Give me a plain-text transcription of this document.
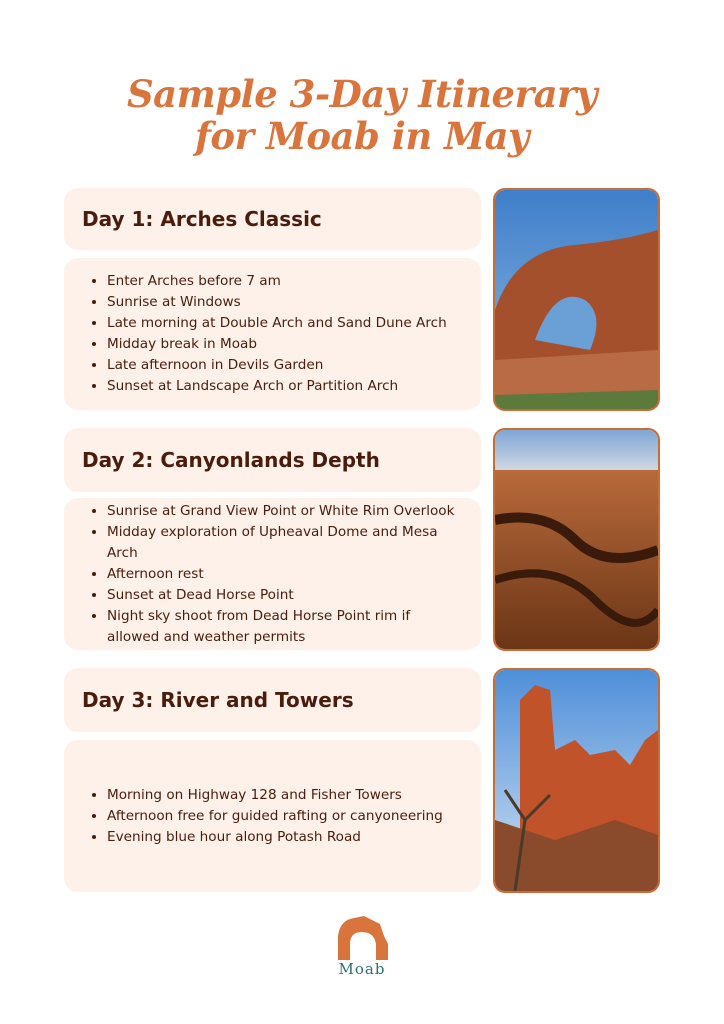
Sample 3-Day Itinerary
for Moab in May
Day 1: Arches Classic
• Enter Arches before 7 am
• Sunrise at Windows
• Late morning at Double Arch and Sand Dune Arch
• Midday break in Moab
• Late afternoon in Devils Garden
• Sunset at Landscape Arch or Partition Arch
Day 2: Canyonlands Depth
• Sunrise at Grand View Point or White Rim Overlook
• Midday exploration of Upheaval Dome and Mesa Arch
• Afternoon rest
• Sunset at Dead Horse Point
• Night sky shoot from Dead Horse Point rim if allowed and weather permits
Day 3: River and Towers
• Morning on Highway 128 and Fisher Towers
• Afternoon free for guided rafting or canyoneering
• Evening blue hour along Potash Road
Moab
